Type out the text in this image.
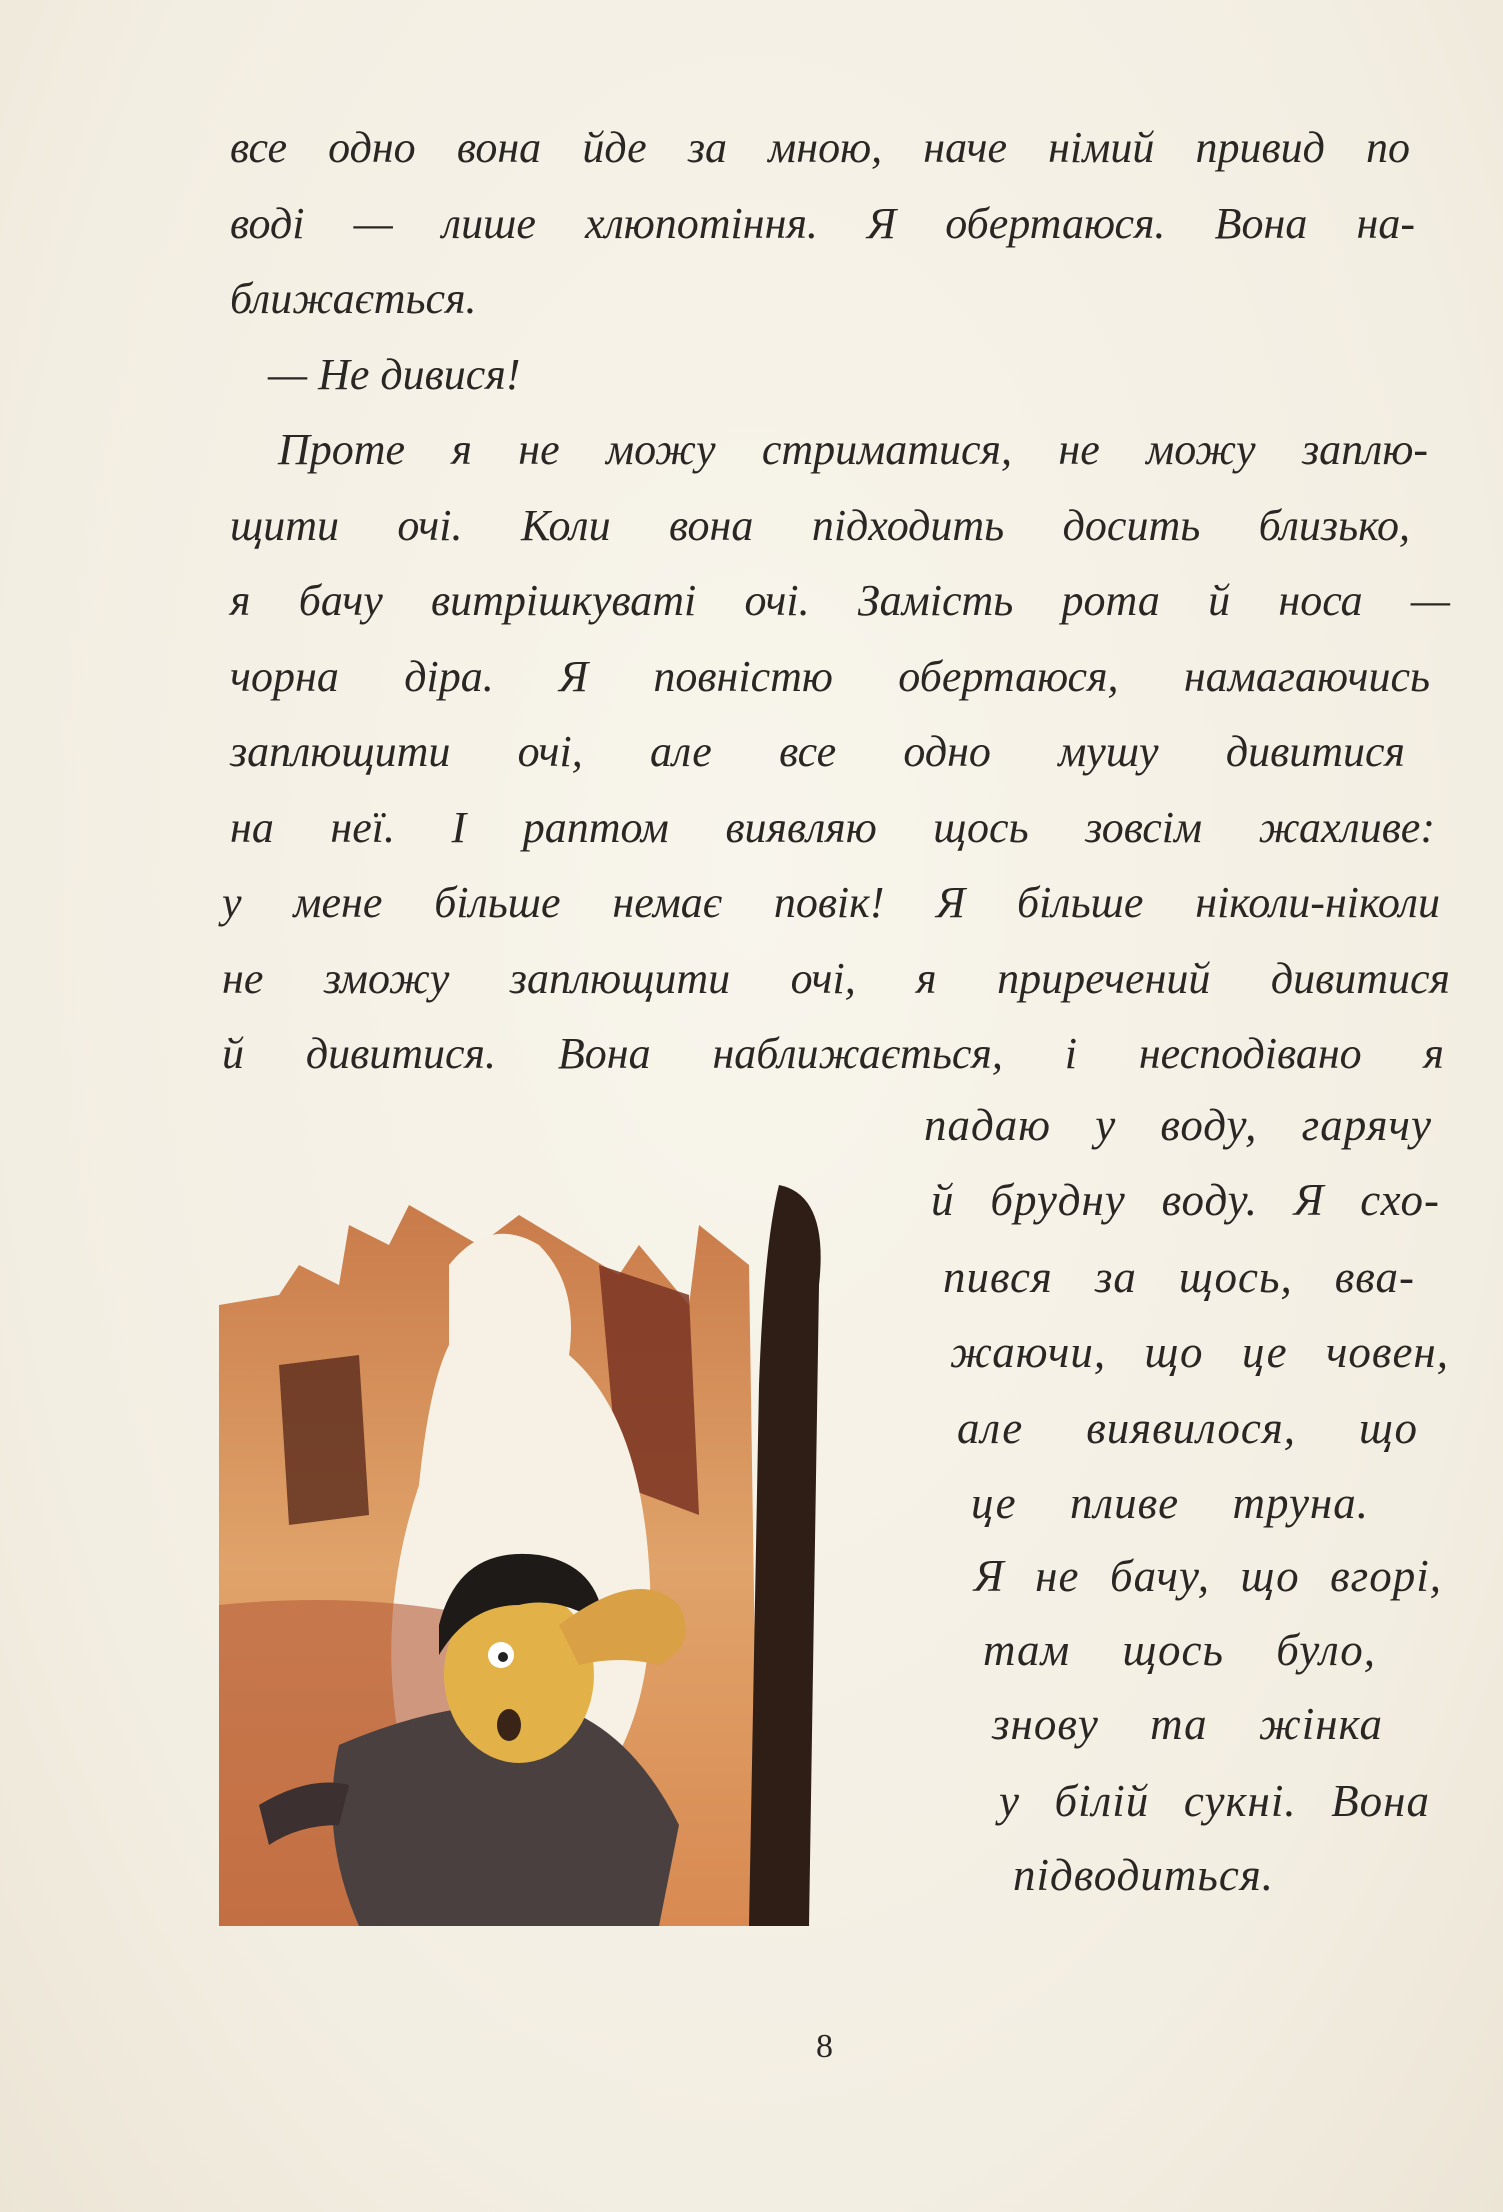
все одно вона йде за мною, наче німий привид по
воді — лише хлюпотіння. Я обертаюся. Вона на-
ближається.
— Не дивися!
Проте я не можу стриматися, не можу заплю-
щити очі. Коли вона підходить досить близько,
я бачу витрішкуваті очі. Замість рота й носа —
чорна діра. Я повністю обертаюся, намагаючись
заплющити очі, але все одно мушу дивитися
на неї. І раптом виявляю щось зовсім жахливе:
у мене більше немає повік! Я більше ніколи-ніколи
не зможу заплющити очі, я приречений дивитися
й дивитися. Вона наближається, і несподівано я
падаю у воду, гарячу
й брудну воду. Я схо-
пився за щось, вва-
жаючи, що це човен,
але виявилося, що
це пливе труна.
Я не бачу, що вгорі,
там щось було,
знову та жінка
у білій сукні. Вона
підводиться.
8
